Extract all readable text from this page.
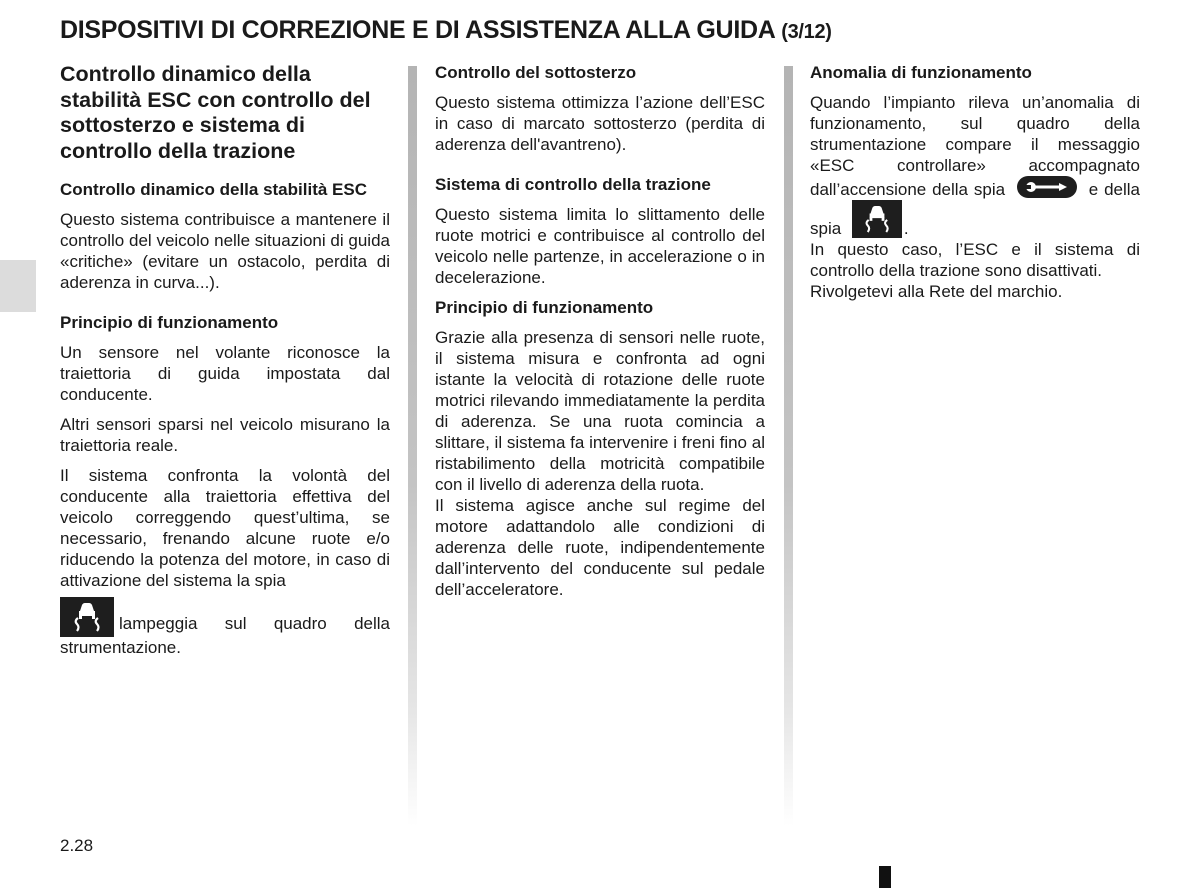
DISPOSITIVI DI CORREZIONE E DI ASSISTENZA ALLA GUIDA (3/12)
Controllo dinamico della stabilità ESC con controllo del sottosterzo e sistema di controllo della trazione
Controllo dinamico della stabilità ESC
Questo sistema contribuisce a mantenere il controllo del veicolo nelle situazioni di guida «critiche» (evitare un ostacolo, perdita di aderenza in curva...).
Principio di funzionamento
Un sensore nel volante riconosce la traiettoria di guida impostata dal conducente.
Altri sensori sparsi nel veicolo misurano la traiettoria reale.
Il sistema confronta la volontà del conducente alla traiettoria effettiva del veicolo correggendo quest’ultima, se necessario, frenando alcune ruote e/o riducendo la potenza del motore, in caso di attivazione del sistema la spia
lampeggia sul quadro della strumentazione.
Controllo del sottosterzo
Questo sistema ottimizza l’azione dell’ESC in caso di marcato sottosterzo (perdita di aderenza dell'avantreno).
Sistema di controllo della trazione
Questo sistema limita lo slittamento delle ruote motrici e contribuisce al controllo del veicolo nelle partenze, in accelerazione o in decelerazione.
Principio di funzionamento
Grazie alla presenza di sensori nelle ruote, il sistema misura e confronta ad ogni istante la velocità di rotazione delle ruote motrici rilevando immediatamente la perdita di aderenza. Se una ruota comincia a slittare, il sistema fa intervenire i freni fino al ristabilimento della motricità compatibile con il livello di aderenza della ruota.
Il sistema agisce anche sul regime del motore adattandolo alle condizioni di aderenza delle ruote, indipendentemente dall’intervento del conducente sul pedale dell’acceleratore.
Anomalia di funzionamento
Quando l’impianto rileva un’anomalia di funzionamento, sul quadro della strumentazione compare il messaggio «ESC controllare» accompagnato dall’accensione della spia	e della spia	.
In questo caso, l’ESC e il sistema di controllo della trazione sono disattivati.
Rivolgetevi alla Rete del marchio.
2.28
